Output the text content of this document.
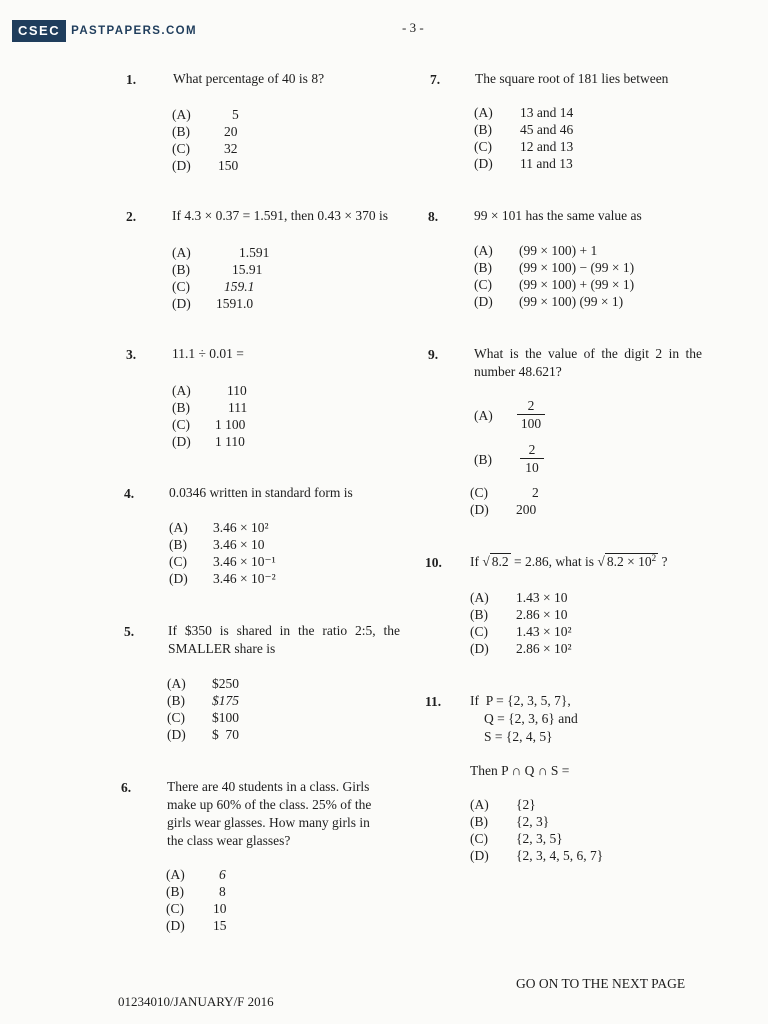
CSEC PASTPAPERS.COM	- 3 -
1.	What percentage of 40 is 8?
(A)	5
(B)	20
(C)	32
(D) 150
2.	If 4.3 × 0.37 = 1.591, then 0.43 × 370 is
(A)	1.591
(B)	15.91
(C)	159.1
(D) 1591.0
3.	11.1 ÷ 0.01 =
(A)	110
(B)	111
(C) 1 100
(D) 1 110
4.	0.0346 written in standard form is
(A) 3.46 × 10²
(B) 3.46 × 10
(C) 3.46 × 10⁻¹
(D) 3.46 × 10⁻²
5.	If $350 is shared in the ratio 2:5, the
SMALLER share is
(A) $250
(B) $175
(C) $100
(D) $  70
6.	There are 40 students in a class. Girls
make up 60% of the class. 25% of the
girls wear glasses. How many girls in
the class wear glasses?
(A)	6
(B)	8
(C) 10
(D) 15
7.	The square root of 181 lies between
(A) 13 and 14
(B) 45 and 46
(C) 12 and 13
(D) 11 and 13
8.	99 × 101 has the same value as
(A) (99 × 100) + 1
(B) (99 × 100) − (99 × 1)
(C) (99 × 100) + (99 × 1)
(D) (99 × 100) (99 × 1)
9.	What is the value of the digit 2 in the
number 48.621?
$(A) \frac{2}{100}$
$(B) \frac{2}{10}$
(C)	2
(D) 200
10. If √ 8.2 = 2.86, what is √ $8.2 \times 10^2$ ?
(A) 1.43 × 10
(B) 2.86 × 10
(C) 1.43 × 10²
(D) 2.86 × 10²
11. If  P = {2, 3, 5, 7},
Q = {2, 3, 6} and
S = {2, 4, 5}
Then P ∩ Q ∩ S =
(A) {2}
(B) {2, 3}
(C) {2, 3, 5}
(D) {2, 3, 4, 5, 6, 7}
GO ON TO THE NEXT PAGE
01234010/JANUARY/F 2016
